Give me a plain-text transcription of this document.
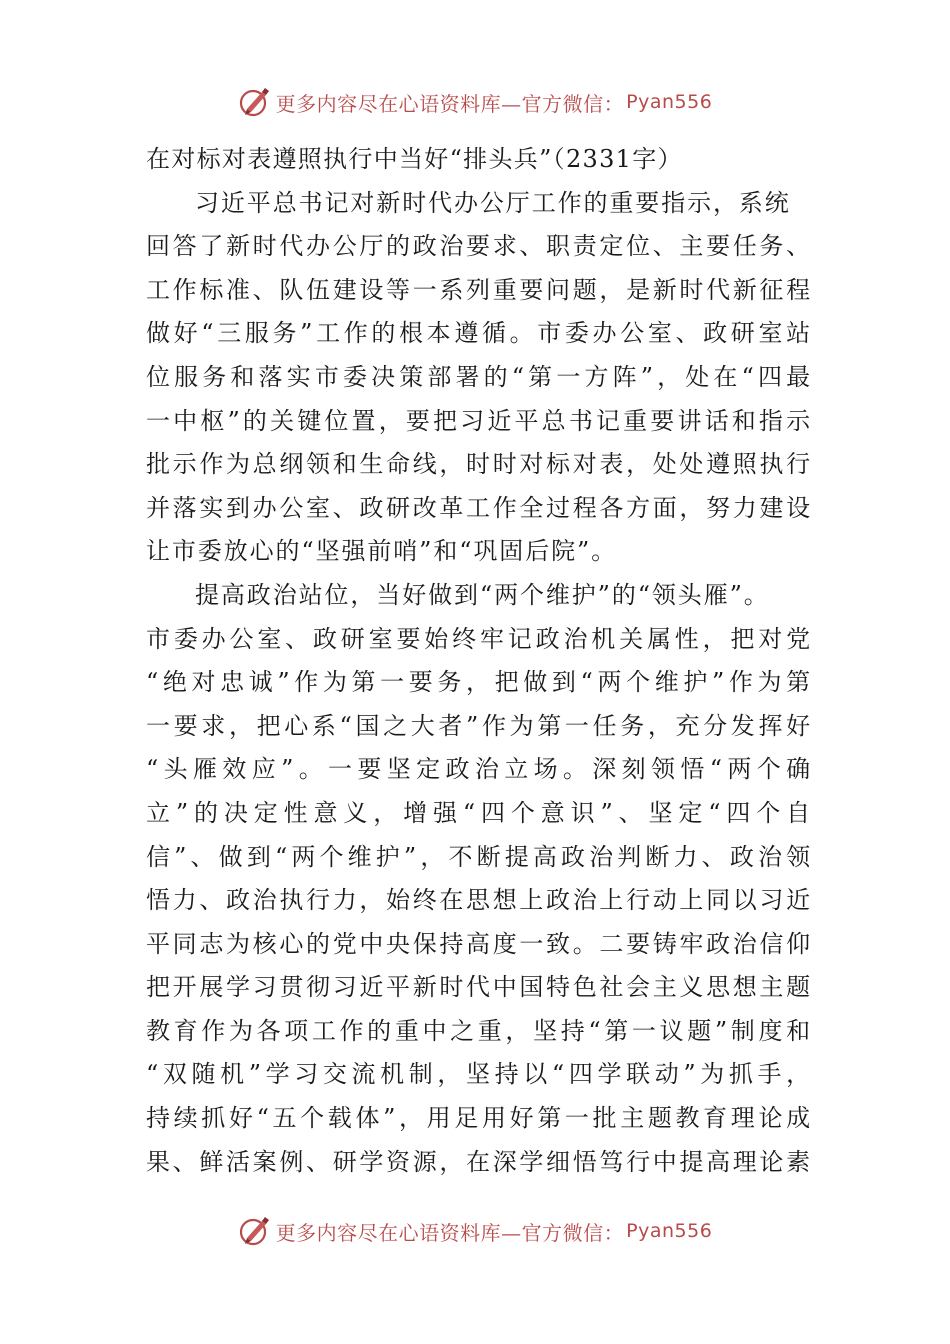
更多内容尽在心语资料库—官方微信： Pyan556
在对标对表遵照执行中当好“排头兵”（2331字）
习近平总书记对新时代办公厅工作的重要指示，系统
回答了新时代办公厅的政治要求、职责定位、主要任务、
工作标准、队伍建设等一系列重要问题，是新时代新征程
做好“三服务”工作的根本遵循。市委办公室、政研室站
位服务和落实市委决策部署的“第一方阵”，处在“四最
一中枢”的关键位置，要把习近平总书记重要讲话和指示
批示作为总纲领和生命线，时时对标对表，处处遵照执行
并落实到办公室、政研改革工作全过程各方面，努力建设
让市委放心的“坚强前哨”和“巩固后院”。
提高政治站位，当好做到“两个维护”的“领头雁”。
市委办公室、政研室要始终牢记政治机关属性，把对党
“绝对忠诚”作为第一要务，把做到“两个维护”作为第
一要求，把心系“国之大者”作为第一任务，充分发挥好
“头雁效应”。一要坚定政治立场。深刻领悟“两个确
立”的决定性意义，增强“四个意识”、坚定“四个自
信”、做到“两个维护”，不断提高政治判断力、政治领
悟力、政治执行力，始终在思想上政治上行动上同以习近
平同志为核心的党中央保持高度一致。二要铸牢政治信仰
把开展学习贯彻习近平新时代中国特色社会主义思想主题
教育作为各项工作的重中之重，坚持“第一议题”制度和
“双随机”学习交流机制，坚持以“四学联动”为抓手，
持续抓好“五个载体”，用足用好第一批主题教育理论成
果、鲜活案例、研学资源，在深学细悟笃行中提高理论素
更多内容尽在心语资料库—官方微信： Pyan556
